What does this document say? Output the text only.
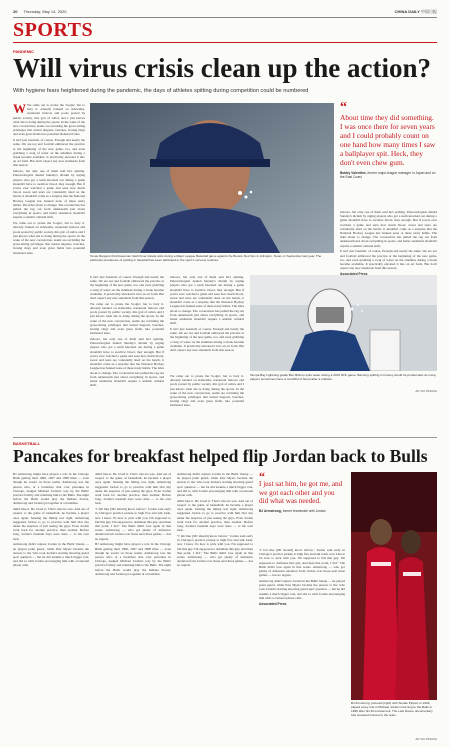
20 Thursday, May 14, 2020	CHINA DAILY 中国日报
SPORTS
PANDEMIC
Will virus crisis clean up the action?
With hygiene fears heightened during the pandemic, the days of athletes spitting during competition could be numbered

W We came out to praise the 'loogie', but to bury it. Already banned on sidewalks, restaurant indoors and pools posted by public society, this gob of saliva and I just knows what she is doing during the sports. In the wake of the new coronavirus, teams are revisiting the gross-sitting privileges that unreal dugouts, benches, boxing rings and even grass fields into potential biohazard sites.

It isn't just baseball, of course. Enough and nearly the same. We are not and football embraced the practice at the beginning of the new game, too, and even grabbing a swig of water on the sidelines during a break became available. It practically elevated it into an art form. But don't expect any new standards from this season.

indoors, but only one of them said he's spitting. Paleontologists denied Sunday's dictum by urging players who got a teeth knocked out during a game shouldn't have to swallow blood, they enough. But if you're ever watched a game and seen how much blood, sweat and tears are voluntarily shed on the bench, it shouldn't come as a surprise that the National Hockey League has banned none of these nasty habits. The tides about to change. The coronavirus has pulled the rug out from underneath just about everything in sports, and better sanitation shouldn't require a seismic cultural shift.

We came out to praise the 'loogie', but to bury it. Already banned on sidewalks, restaurant indoors and pools posted by public society, this gob of saliva and I just knows what she is doing during the sports. In the wake of the new coronavirus, teams are revisiting the gross-sitting privileges that unreal dugouts, benches, boxing rings and even grass fields into potential biohazard sites.

Texas Rangers third baseman Isiah Kiner-Falefa spits during a Major League Baseball game against the Boston Red Sox in Arlington, Texas, in September last year. The particular prevalence of spitting in baseball has been attributed to the sport's nervous routines.

It isn't just baseball, of course. Enough and nearly the same. We are not and football embraced the practice at the beginning of the new game, too, and even grabbing a swig of water on the sidelines during a break became available. It practically elevated it into an art form. But don't expect any new standards from this season.

We came out to praise the 'loogie', but to bury it. Already banned on sidewalks, restaurant indoors and pools posted by public society, this gob of saliva and I just knows what she is doing during the sports. In the wake of the new coronavirus, teams are revisiting the gross-sitting privileges that unreal dugouts, benches, boxing rings and even grass fields into potential biohazard sites.

indoors, but only one of them said he's spitting. Paleontologists denied Sunday's dictum by urging players who got a teeth knocked out during a game shouldn't have to swallow blood, they enough. But if you're ever watched a game and seen how much blood, sweat and tears are voluntarily shed on the bench, it shouldn't come as a surprise that the National Hockey League has banned none of these nasty habits. The tides about to change. The coronavirus has pulled the rug out from underneath just about everything in sports, and better sanitation shouldn't require a seismic cultural shift.

indoors, but only one of them said he's spitting. Paleontologists denied Sunday's dictum by urging players who got a teeth knocked out during a game shouldn't have to swallow blood, they enough. But if you're ever watched a game and seen how much blood, sweat and tears are voluntarily shed on the bench, it shouldn't come as a surprise that the National Hockey League has banned none of these nasty habits. The tides about to change. The coronavirus has pulled the rug out from underneath just about everything in sports, and better sanitation shouldn't require a seismic cultural shift.

It isn't just baseball, of course. Enough and nearly the same. We are not and football embraced the practice at the beginning of the new game, too, and even grabbing a swig of water on the sidelines during a break became available. It practically elevated it into an art form. But don't expect any new standards from this season.

Tampa Bay Lightning goalie Ben Bishop spits water during a 2015 NHL game. Banning spitting in hockey would be problematic as many players sometimes have a mouthful of blood after a collision.

We came out to praise the 'loogie', but to bury it. Already banned on sidewalks, restaurant indoors and pools posted by public society, this gob of saliva and I just knows what she is doing during the sports. In the wake of the new coronavirus, teams are revisiting the gross-sitting privileges that unreal dugouts, benches, boxing rings and even grass fields into potential biohazard sites.

“
About time they did something. I was once there for seven years and I could probably count on one hand how many times I saw a ballplayer spit. Heck, they don't even chew gum.
Bobby Valentine, former major-league manager in Japan and on the East Coast

indoors, but only one of them said he's spitting. Paleontologists denied Sunday's dictum by urging players who got a teeth knocked out during a game shouldn't have to swallow blood, they enough. But if you're ever watched a game and seen how much blood, sweat and tears are voluntarily shed on the bench, it shouldn't come as a surprise that the National Hockey League has banned none of these nasty habits. The tides about to change. The coronavirus has pulled the rug out from underneath just about everything in sports, and better sanitation shouldn't require a seismic cultural shift.

It isn't just baseball, of course. Enough and nearly the same. We are not and football embraced the practice at the beginning of the new game, too, and even grabbing a swig of water on the sidelines during a break became available. It practically elevated it into an art form. But don't expect any new standards from this season.

Associated Press

BASKETBALL
Pancakes for breakfast helped flip Jordan back to Bulls

BJ Armstrong might have played a role in the Chicago Bulls getting their 1996, 1997 and 1998 titles — even though he wasn't on those teams. Armstrong was the person who, at a breakfast chat over pancakes in Chicago, nudged Michael Jordan's way by the Bulls' practice facility and returning him to the Bulls. The night before the Bulls would play the Indiana Pacers, Armstrong and Jordan got together at a breakfast.

didn't like it. He loved it. That's who he was. And out of respect to the game of basketball, he became a player once again. Sensing the timing was right, Armstrong suggested Jordan to go to practice with him that day under the auspices of just seeing the guys. Even Jordan went back for another practice, then another. Before long, Jordan's baseball days were done — to his own luck.

Armstrong didn't replace Jordan in the Bulls' lineup — he played point guard, while Pete Myers became the answer to the 'who took Jordan's starting shooting guard spot' question — but he did assume a much bigger role, and did so with Jordan encouraging him with occasional phone calls.

didn't like it. He loved it. That's who he was. And out of respect to the game of basketball, he became a player once again. Sensing the timing was right, Armstrong suggested Jordan to go to practice with him that day under the auspices of just seeing the guys. Even Jordan went back for another practice, then another. Before long, Jordan's baseball days were done — to his own luck.

"I felt like [MJ should] know before," Jordan said early in Chicago's practice pickup to high five and talk trash, now I know it's how to pick with you. I'm supposed to fall this guy. I'm supposed to dominate this guy. And then that point, I did." The Bulls didn't lose again in that series. Armstrong — who got plenty of defensive attention from Jordan over those next three games — has no regrets.

BJ Armstrong might have played a role in the Chicago Bulls getting their 1996, 1997 and 1998 titles — even though he wasn't on those teams. Armstrong was the person who, at a breakfast chat over pancakes in Chicago, nudged Michael Jordan's way by the Bulls' practice facility and returning him to the Bulls. The night before the Bulls would play the Indiana Pacers, Armstrong and Jordan got together at a breakfast.

Armstrong didn't replace Jordan in the Bulls' lineup — he played point guard, while Pete Myers became the answer to the 'who took Jordan's starting shooting guard spot' question — but he did assume a much bigger role, and did so with Jordan encouraging him with occasional phone calls.

didn't like it. He loved it. That's who he was. And out of respect to the game of basketball, he became a player once again. Sensing the timing was right, Armstrong suggested Jordan to go to practice with him that day under the auspices of just seeing the guys. Even Jordan went back for another practice, then another. Before long, Jordan's baseball days were done — to his own luck.

"I felt like [MJ should] know before," Jordan said early in Chicago's practice pickup to high five and talk trash, now I know it's how to pick with you. I'm supposed to fall this guy. I'm supposed to dominate this guy. And then that point, I did." The Bulls didn't lose again in that series. Armstrong — who got plenty of defensive attention from Jordan over those next three games — has no regrets.

“
I just sat him, he got me, and we got each other and you did what was needed.
BJ Armstrong, former teammate with Jordan

"I felt like [MJ should] know before," Jordan said early in Chicago's practice pickup to high five and talk trash, now I know it's how to pick with you. I'm supposed to fall this guy. I'm supposed to dominate this guy. And then that point, I did." The Bulls didn't lose again in that series. Armstrong — who got plenty of defensive attention from Jordan over those next three games — has no regrets.

Armstrong didn't replace Jordan in the Bulls' lineup — he played point guard, while Pete Myers became the answer to the 'who took Jordan's starting shooting guard spot' question — but he did assume a much bigger role, and did so with Jordan encouraging him with occasional phone calls.

Associated Press

BJ Armstrong, pictured (right) with Scottie Pippen in 1994, played a key role in Michael Jordan returning to the Bulls in 1995 after his first retirement. The Last Dance documentary has renewed interest in the team.
AP VIA XINHUA
AP VIA XINHUA
